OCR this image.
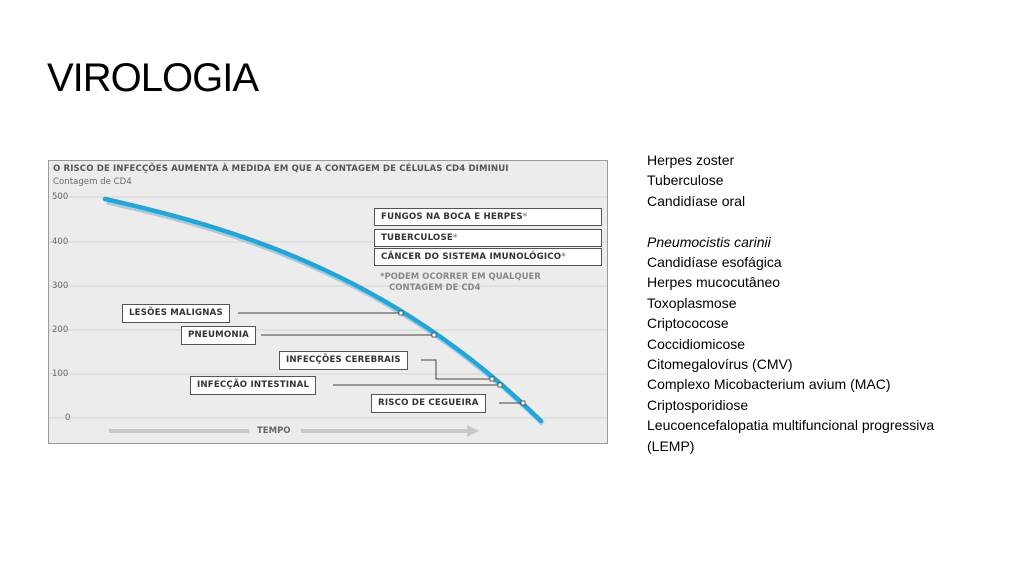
VIROLOGIA
O RISCO DE INFECÇÕES AUMENTA À MEDIDA EM QUE A CONTAGEM DE CÉLULAS CD4 DIMINUI
Contagem de CD4
500
400
300
200
100
0
FUNGOS NA BOCA E HERPES*
TUBERCULOSE*
CÂNCER DO SISTEMA IMUNOLÓGICO*
*PODEM OCORRER EM QUALQUER
CONTAGEM DE CD4
LESÕES MALIGNAS
PNEUMONIA
INFECÇÕES CEREBRAIS
INFECÇÃO INTESTINAL
RISCO DE CEGUEIRA
TEMPO
Herpes zoster
Tuberculose
Candidíase oral
Pneumocistis carinii
Candidíase esofágica
Herpes mucocutâneo
Toxoplasmose
Criptococose
Coccidiomicose
Citomegalovírus (CMV)
Complexo Micobacterium avium (MAC)
Criptosporidiose
Leucoencefalopatia multifuncional progressiva
(LEMP)
